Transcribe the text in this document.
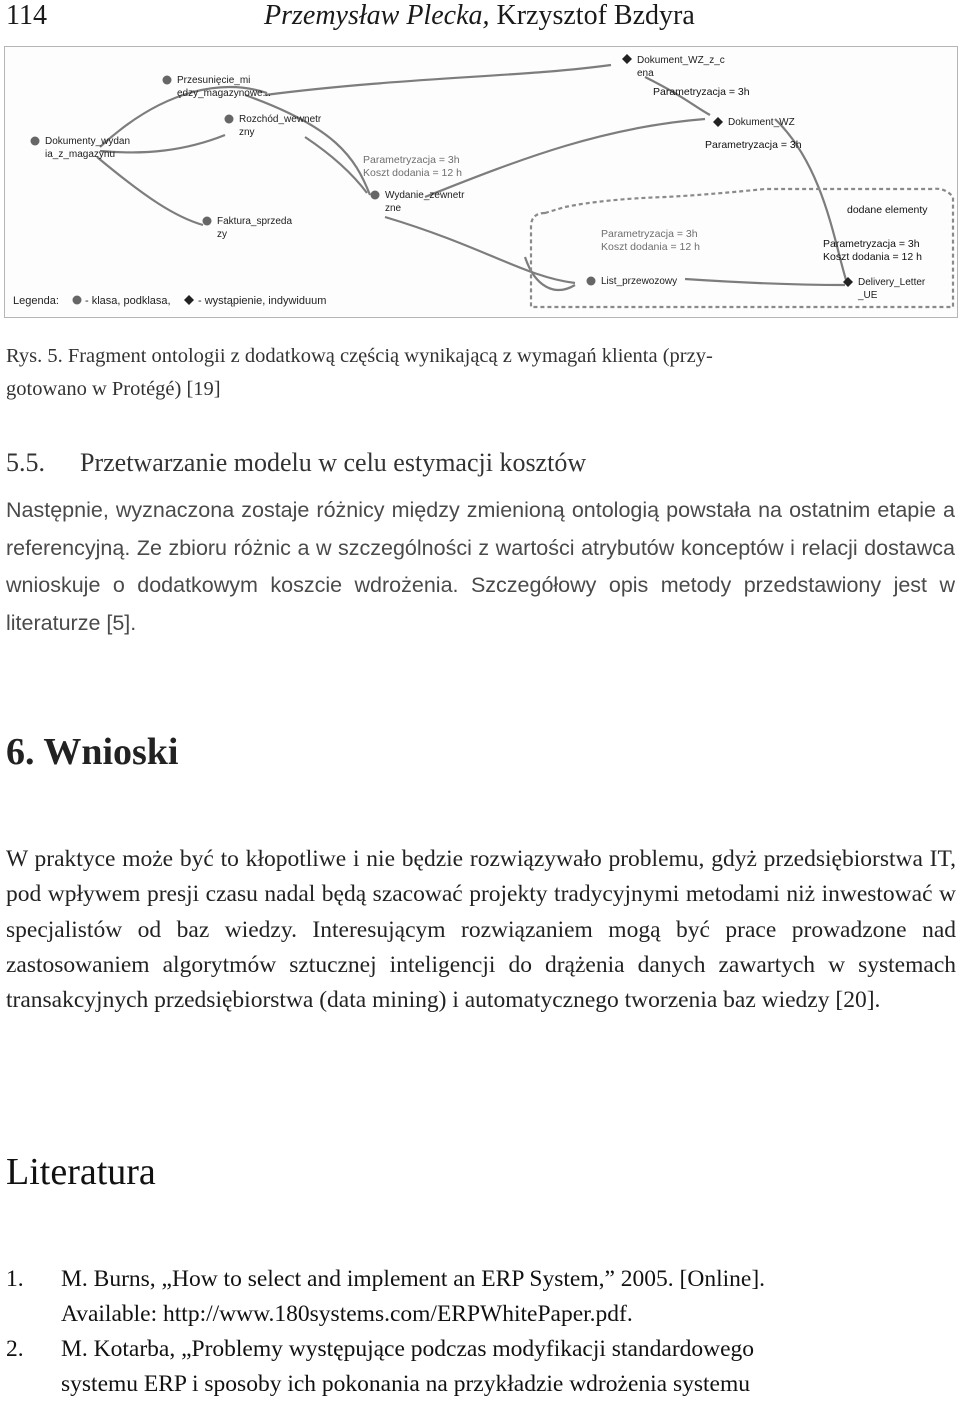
114	Przemysław Plecka, Krzysztof Bzdyra
Przesunięcie_mi
ędzy_magazynowe...
Dokumenty_wydan
ia_z_magazynu
Rozchód_wewnetr
zny
Wydanie_zewnetr
zne
Faktura_sprzeda
zy
List_przewozowy
Dokument_WZ_z_c
ena
Dokument_WZ
Delivery_Letter
_UE
Parametryzacja = 3h
Parametryzacja = 3h
Parametryzacja = 3h
Koszt dodania = 12 h
Parametryzacja = 3h
Koszt dodania = 12 h	Parametryzacja = 3h
Koszt dodania = 12 h
dodane elementy
Legenda: - klasa, podklasa, - wystąpienie, indywiduum
Rys. 5. Fragment ontologii z dodatkową częścią wynikającą z wymagań klienta (przy-
gotowano w Protégé) [19]
5.5. Przetwarzanie modelu w celu estymacji kosztów
Następnie, wyznaczona zostaje różnicy między zmienioną ontologią powstała na ostatnim etapie a referencyjną. Ze zbioru różnic a w szczególności z wartości atrybutów konceptów i relacji dostawca wnioskuje o dodatkowym koszcie wdrożenia. Szczegółowy opis metody przedstawiony jest w literaturze [5].
6. Wnioski
W praktyce może być to kłopotliwe i nie będzie rozwiązywało problemu, gdyż przedsiębiorstwa IT, pod wpływem presji czasu nadal będą szacować projekty tradycyjnymi metodami niż inwestować w specjalistów od baz wiedzy. Interesującym rozwiązaniem mogą być prace prowadzone nad zastosowaniem algorytmów sztucznej inteligencji do drążenia danych zawartych w systemach transakcyjnych przedsiębiorstwa (data mining) i automatycznego tworzenia baz wiedzy [20].
Literatura
1. M. Burns, „How to select and implement an ERP System,” 2005. [Online].
Available: http://www.180systems.com/ERPWhitePaper.pdf.
2. M. Kotarba, „Problemy występujące podczas modyfikacji standardowego
systemu ERP i sposoby ich pokonania na przykładzie wdrożenia systemu
